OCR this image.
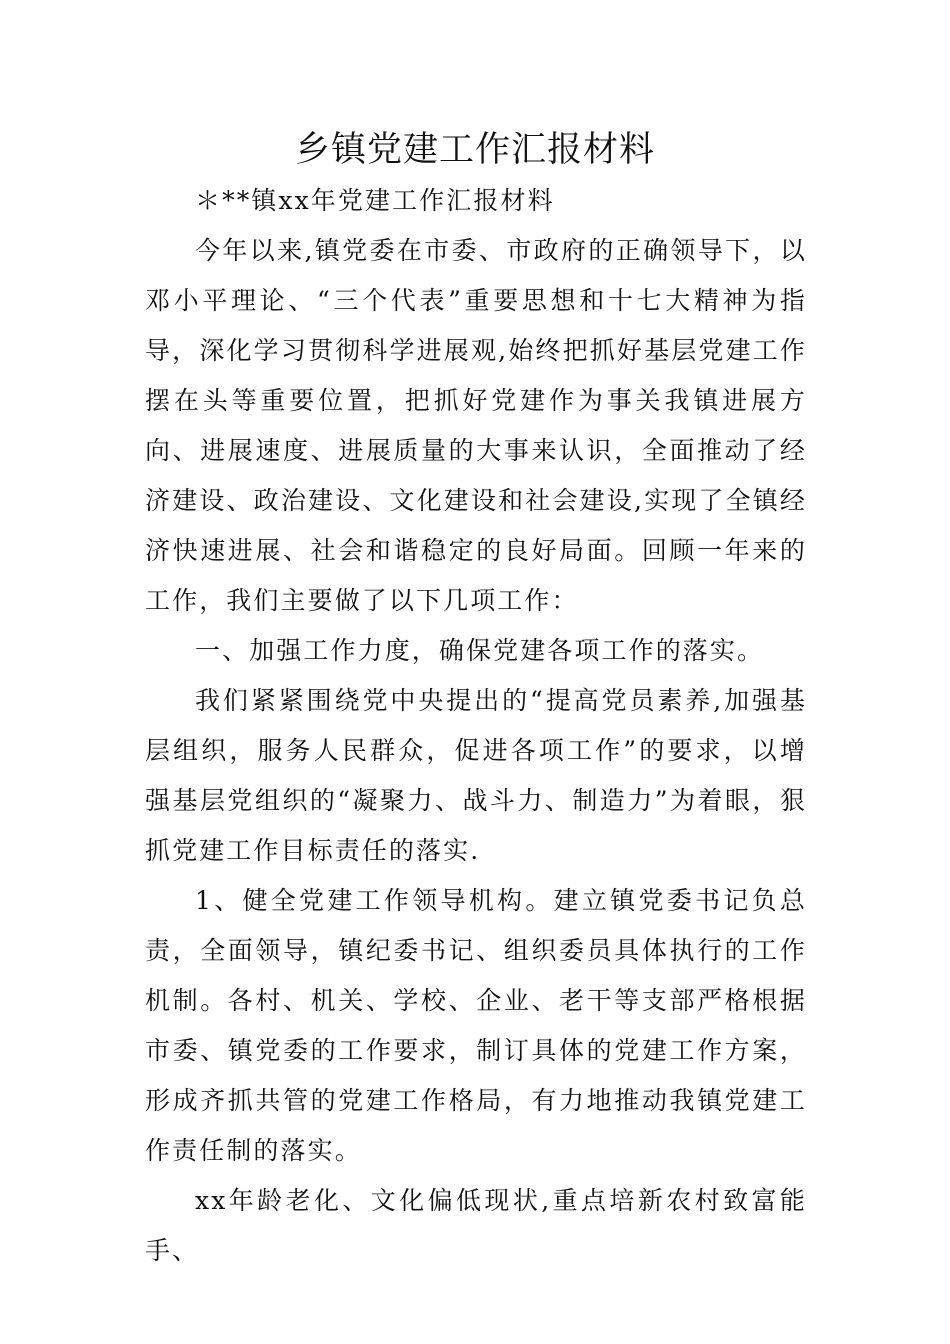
乡镇党建工作汇报材料

＊**镇xx年党建工作汇报材料

今年以来,镇党委在市委、市政府的正确领导下，以邓小平理论、“三个代表”重要思想和十七大精神为指导，深化学习贯彻科学进展观,始终把抓好基层党建工作摆在头等重要位置，把抓好党建作为事关我镇进展方向、进展速度、进展质量的大事来认识，全面推动了经济建设、政治建设、文化建设和社会建设,实现了全镇经济快速进展、社会和谐稳定的良好局面。回顾一年来的工作，我们主要做了以下几项工作：

一、加强工作力度，确保党建各项工作的落实。

我们紧紧围绕党中央提出的“提高党员素养,加强基层组织，服务人民群众，促进各项工作”的要求，以增强基层党组织的“凝聚力、战斗力、制造力”为着眼，狠抓党建工作目标责任的落实.

1、健全党建工作领导机构。建立镇党委书记负总责，全面领导，镇纪委书记、组织委员具体执行的工作机制。各村、机关、学校、企业、老干等支部严格根据市委、镇党委的工作要求，制订具体的党建工作方案，形成齐抓共管的党建工作格局，有力地推动我镇党建工作责任制的落实。

xx年龄老化、文化偏低现状,重点培新农村致富能手、
